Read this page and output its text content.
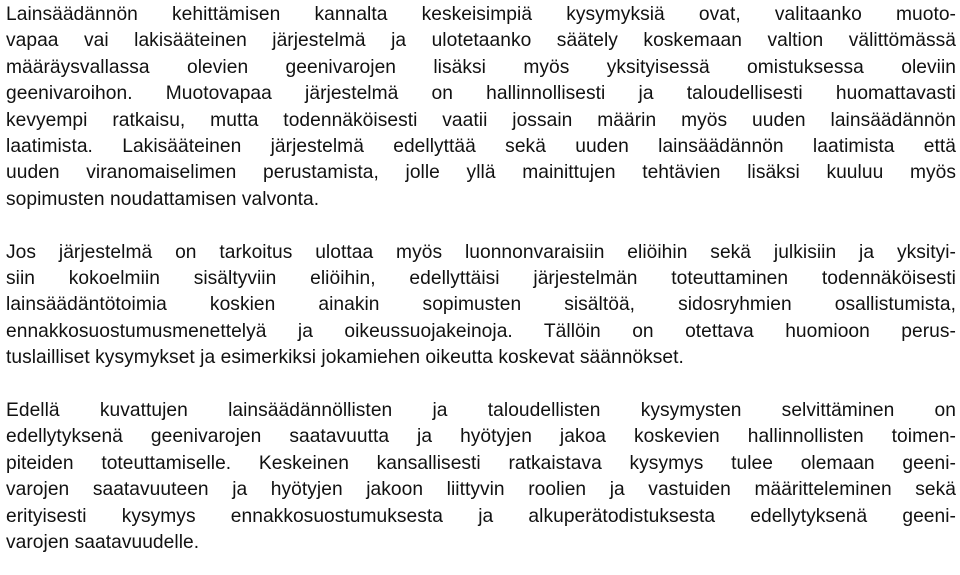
Lainsäädännön kehittämisen kannalta keskeisimpiä kysymyksiä ovat, valitaanko muoto-
vapaa vai lakisääteinen järjestelmä ja ulotetaanko säätely koskemaan valtion välittömässä
määräysvallassa olevien geenivarojen lisäksi myös yksityisessä omistuksessa oleviin
geenivaroihon. Muotovapaa järjestelmä on hallinnollisesti ja taloudellisesti huomattavasti
kevyempi ratkaisu, mutta todennäköisesti vaatii jossain määrin myös uuden lainsäädännön
laatimista. Lakisääteinen järjestelmä edellyttää sekä uuden lainsäädännön laatimista että
uuden viranomaiselimen perustamista, jolle yllä mainittujen tehtävien lisäksi kuuluu myös
sopimusten noudattamisen valvonta.

Jos järjestelmä on tarkoitus ulottaa myös luonnonvaraisiin eliöihin sekä julkisiin ja yksityi-
siin kokoelmiin sisältyviin eliöihin, edellyttäisi järjestelmän toteuttaminen todennäköisesti
lainsäädäntötoimia koskien ainakin sopimusten sisältöä, sidosryhmien osallistumista,
ennakkosuostumusmenettelyä ja oikeussuojakeinoja. Tällöin on otettava huomioon perus-
tuslailliset kysymykset ja esimerkiksi jokamiehen oikeutta koskevat säännökset.

Edellä kuvattujen lainsäädännöllisten ja taloudellisten kysymysten selvittäminen on
edellytyksenä geenivarojen saatavuutta ja hyötyjen jakoa koskevien hallinnollisten toimen-
piteiden toteuttamiselle. Keskeinen kansallisesti ratkaistava kysymys tulee olemaan geeni-
varojen saatavuuteen ja hyötyjen jakoon liittyvin roolien ja vastuiden määrittelеminen sekä
erityisesti kysymys ennakkosuostumuksesta ja alkuperätodistuksesta edellytyksenä geeni-
varojen saatavuudelle.
